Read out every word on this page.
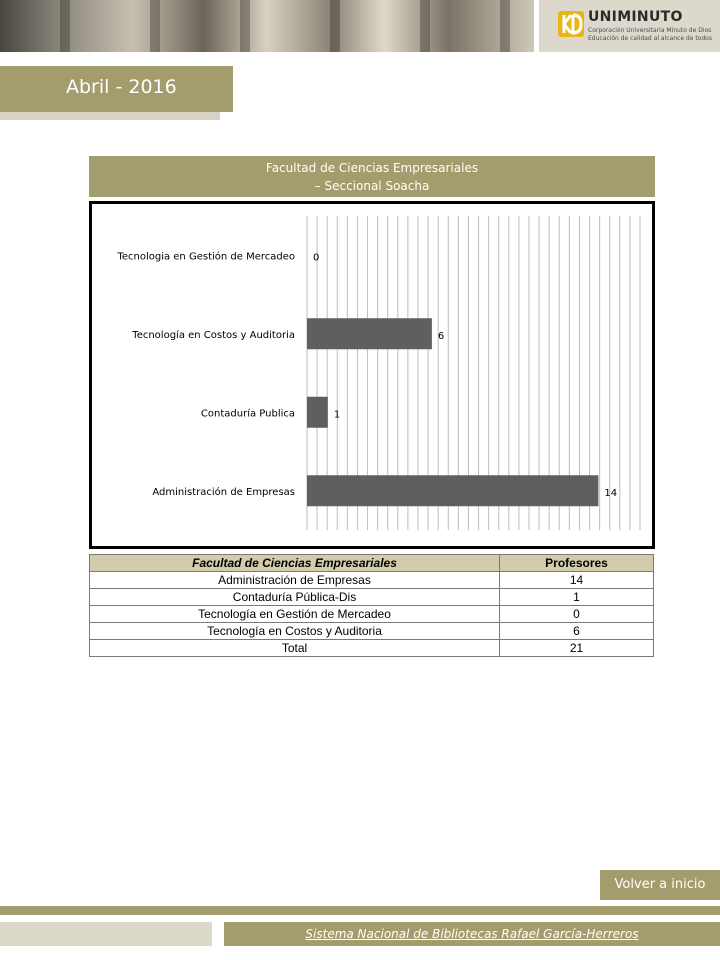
UNIMINUTO
Corporación Universitaria Minuto de Dios
Educación de calidad al alcance de todos
Abril - 2016
Facultad de Ciencias Empresariales
– Seccional Soacha
Tecnologia en Gestión de Mercadeo 0
Tecnología en Costos y Auditoria	6
Contaduría Publica	1
Administración de Empresas	14
Facultad de Ciencias Empresariales	Profesores
Administración de Empresas	14
Contaduría Pública-Dis	1
Tecnología en Gestión de Mercadeo	0
Tecnología en Costos y Auditoria	6
Total	21
Volver a inicio
Sistema Nacional de Bibliotecas Rafael García-Herreros
